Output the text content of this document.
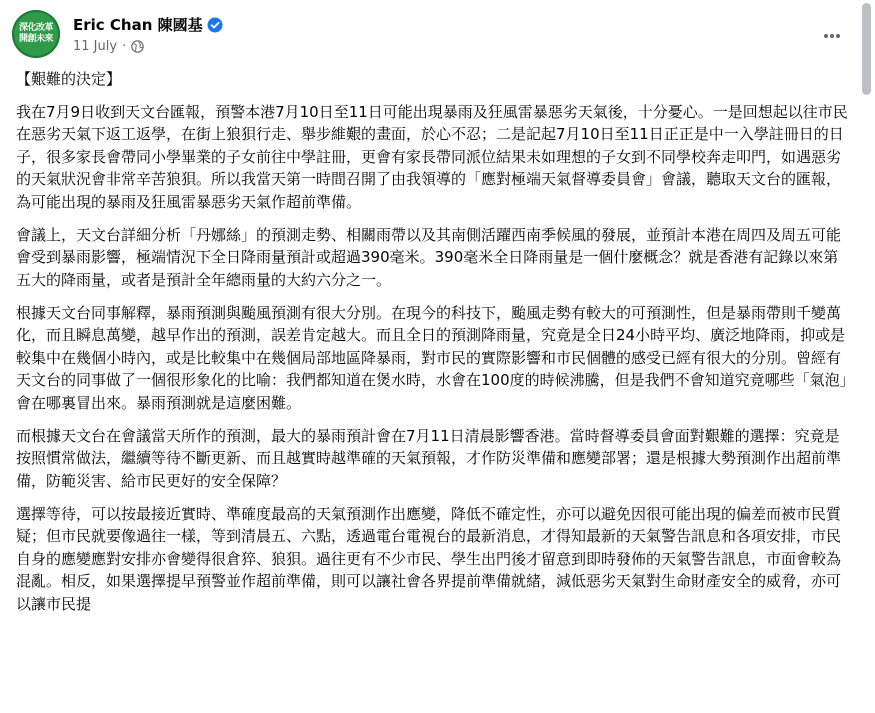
深化改革
開創未來
Eric Chan 陳國基
11 July ·

【艱難的決定】

我在7月9日收到天文台匯報，預警本港7月10日至11日可能出現暴雨及狂風雷暴惡劣天氣後，十分憂心。一是回想起以往市民在惡劣天氣下返工返學，在街上狼狽行走、舉步維艱的畫面，於心不忍；二是記起7月10日至11日正正是中一入學註冊日的日子，很多家長會帶同小學畢業的子女前往中學註冊，更會有家長帶同派位結果未如理想的子女到不同學校奔走叩門，如遇惡劣的天氣狀況會非常辛苦狼狽。所以我當天第一時間召開了由我領導的「應對極端天氣督導委員會」會議，聽取天文台的匯報，為可能出現的暴雨及狂風雷暴惡劣天氣作超前準備。

會議上，天文台詳細分析「丹娜絲」的預測走勢、相關雨帶以及其南側活躍西南季候風的發展，並預計本港在周四及周五可能會受到暴雨影響，極端情況下全日降雨量預計或超過390毫米。390毫米全日降雨量是一個什麼概念？就是香港有記錄以來第五大的降雨量，或者是預計全年總雨量的大約六分之一。

根據天文台同事解釋，暴雨預測與颱風預測有很大分別。在現今的科技下，颱風走勢有較大的可預測性，但是暴雨帶則千變萬化，而且瞬息萬變，越早作出的預測，誤差肯定越大。而且全日的預測降雨量，究竟是全日24小時平均、廣泛地降雨，抑或是較集中在幾個小時內，或是比較集中在幾個局部地區降暴雨，對市民的實際影響和市民個體的感受已經有很大的分別。曾經有天文台的同事做了一個很形象化的比喻：我們都知道在煲水時，水會在100度的時候沸騰，但是我們不會知道究竟哪些「氣泡」會在哪裏冒出來。暴雨預測就是這麼困難。

而根據天文台在會議當天所作的預測，最大的暴雨預計會在7月11日清晨影響香港。當時督導委員會面對艱難的選擇：究竟是按照慣常做法，繼續等待不斷更新、而且越實時越準確的天氣預報，才作防災準備和應變部署；還是根據大勢預測作出超前準備，防範災害、給市民更好的安全保障？

選擇等待，可以按最接近實時、準確度最高的天氣預測作出應變，降低不確定性，亦可以避免因很可能出現的偏差而被市民質疑；但市民就要像過往一樣，等到清晨五、六點，透過電台電視台的最新消息，才得知最新的天氣警告訊息和各項安排，市民自身的應變應對安排亦會變得很倉猝、狼狽。過往更有不少市民、學生出門後才留意到即時發佈的天氣警告訊息，市面會較為混亂。相反，如果選擇提早預警並作超前準備，則可以讓社會各界提前準備就緒，減低惡劣天氣對生命財產安全的威脅，亦可以讓市民提
